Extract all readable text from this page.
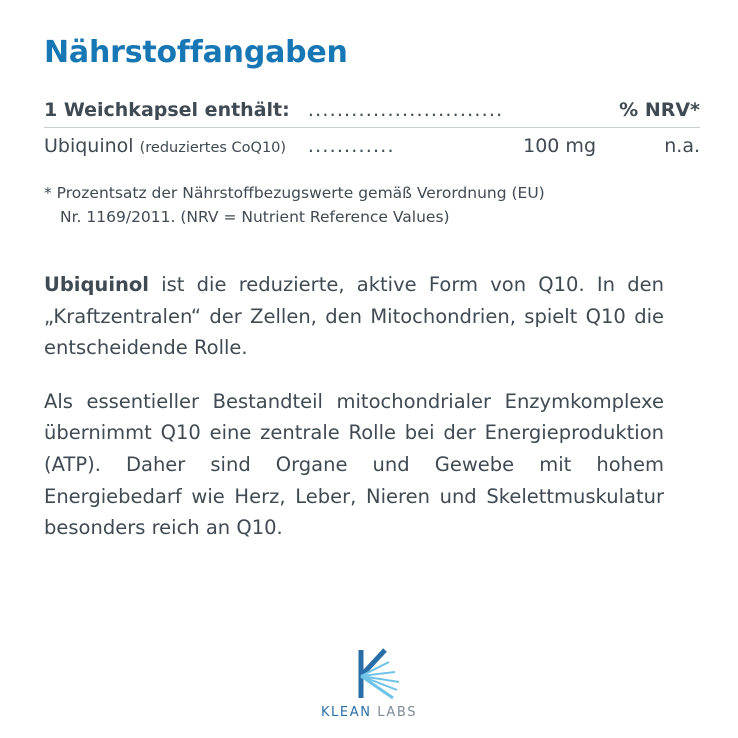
Nährstoffangaben
1 Weichkapsel enthält:	...........................		% NRV*
Ubiquinol (reduziertes CoQ10)	............	100 mg	n.a.
* Prozentsatz der Nährstoffbezugswerte gemäß Verordnung (EU)
Nr. 1169/2011. (NRV = Nutrient Reference Values)

Ubiquinol ist die reduzierte, aktive Form von Q10. In den „Kraftzentralen“ der Zellen, den Mitochondrien, spielt Q10 die entscheidende Rolle.

Als essentieller Bestandteil mitochondrialer Enzymkomplexe übernimmt Q10 eine zentrale Rolle bei der Energieproduktion (ATP). Daher sind Organe und Gewebe mit hohem Energiebedarf wie Herz, Leber, Nieren und Skelettmuskulatur besonders reich an Q10.

KLEAN LABS
